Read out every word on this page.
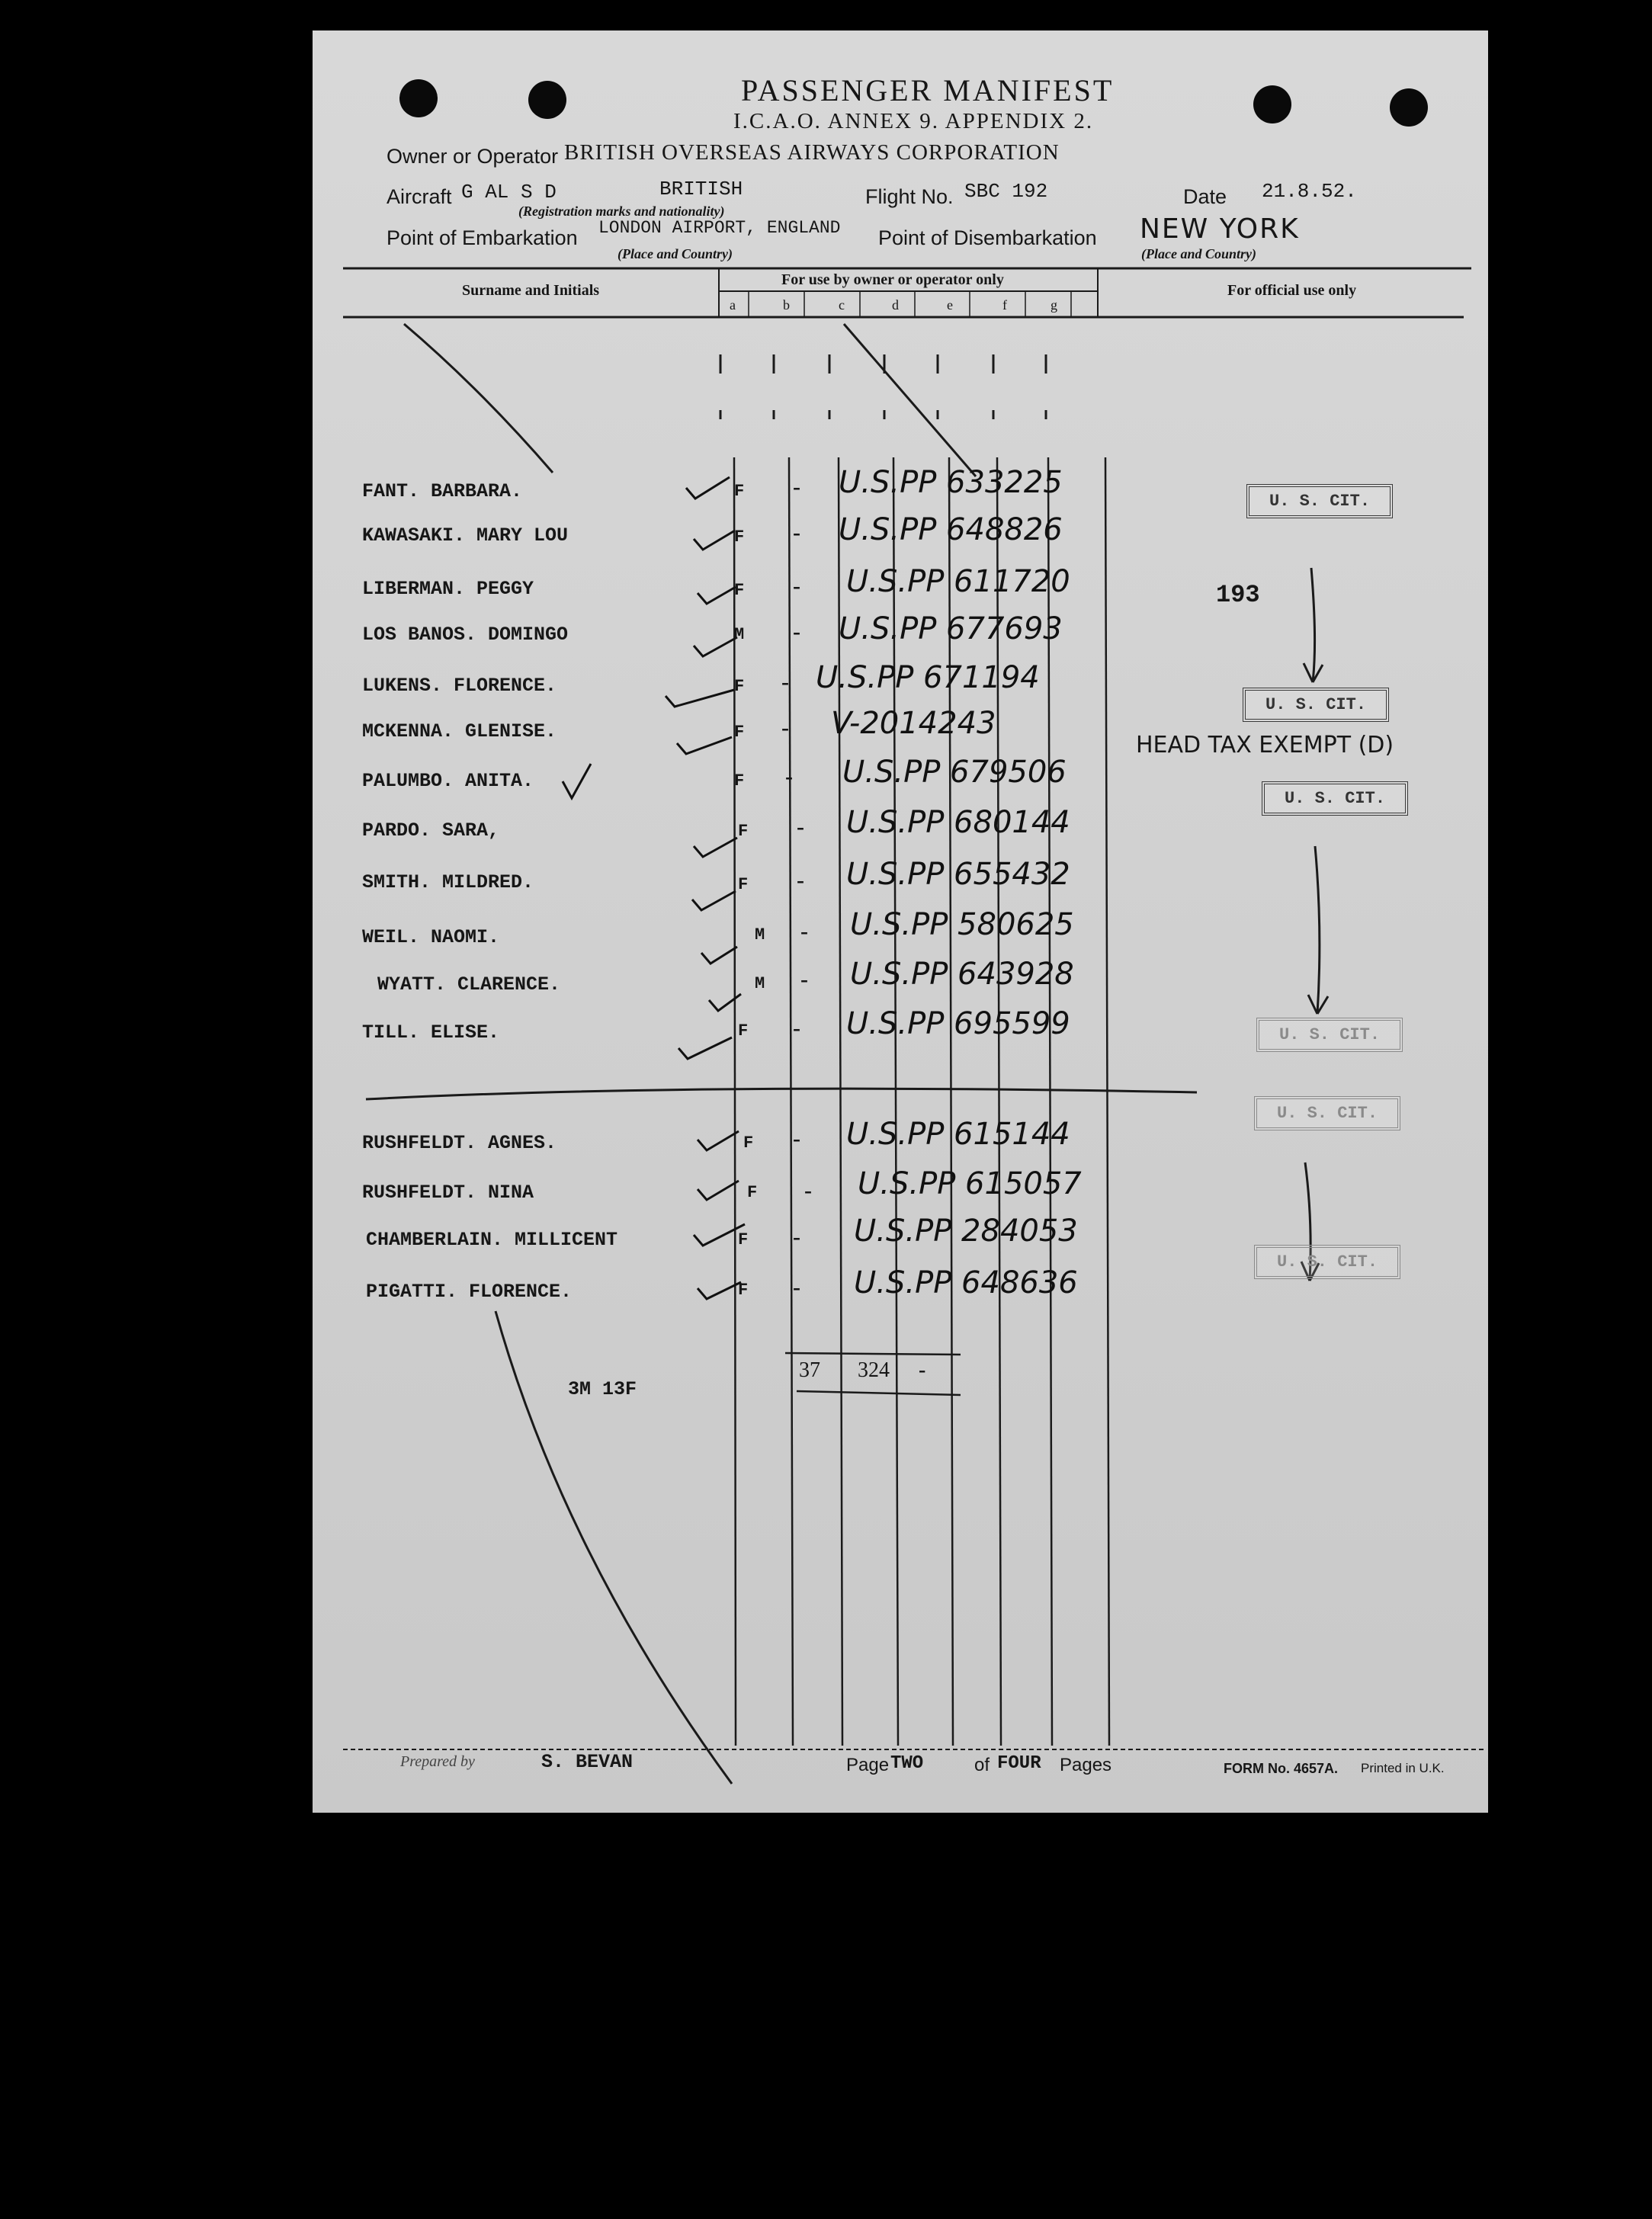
PASSENGER MANIFEST
I.C.A.O. ANNEX 9. APPENDIX 2.
Owner or Operator BRITISH OVERSEAS AIRWAYS CORPORATION
Aircraft G AL S D	BRITISH
(Registration marks and nationality)
Flight No. SBC 192	Date 21.8.52.
Point of Embarkation LONDON AIRPORT, ENGLAND
(Place and Country)
Point of Disembarkation NEW YORK
(Place and Country)
Surname and Initials
For use by owner or operator only
For official use only
a	b	c	d	e	f	g
FANT. BARBARA.	F - U.S.PP 633225
KAWASAKI. MARY LOU	F - U.S.PP 648826
LIBERMAN. PEGGY	F - U.S.PP 611720
LOS BANOS. DOMINGO	M - U.S.PP 677693
LUKENS. FLORENCE.	F - U.S.PP 671194
MCKENNA. GLENISE.	F - V-2014243
PALUMBO. ANITA.	F - U.S.PP 679506
PARDO. SARA,	F - U.S.PP 680144
SMITH. MILDRED.	F - U.S.PP 655432
WEIL. NAOMI.	M - U.S.PP 580625
WYATT. CLARENCE.	M - U.S.PP 643928
TILL. ELISE.	F - U.S.PP 695599
RUSHFELDT. AGNES.	F - U.S.PP 615144
RUSHFELDT. NINA	F - U.S.PP 615057
CHAMBERLAIN. MILLICENT	F - U.S.PP 284053
PIGATTI. FLORENCE.	F - U.S.PP 648636
U. S. CIT.
193
U. S. CIT.
HEAD TAX EXEMPT (D)
U. S. CIT.
U. S. CIT.
U. S. CIT.
U. S. CIT.
37 324 -
3M 13F
Prepared by	S. BEVAN	Page TWO	of FOUR Pages	FORM No. 4657A. Printed in U.K.
